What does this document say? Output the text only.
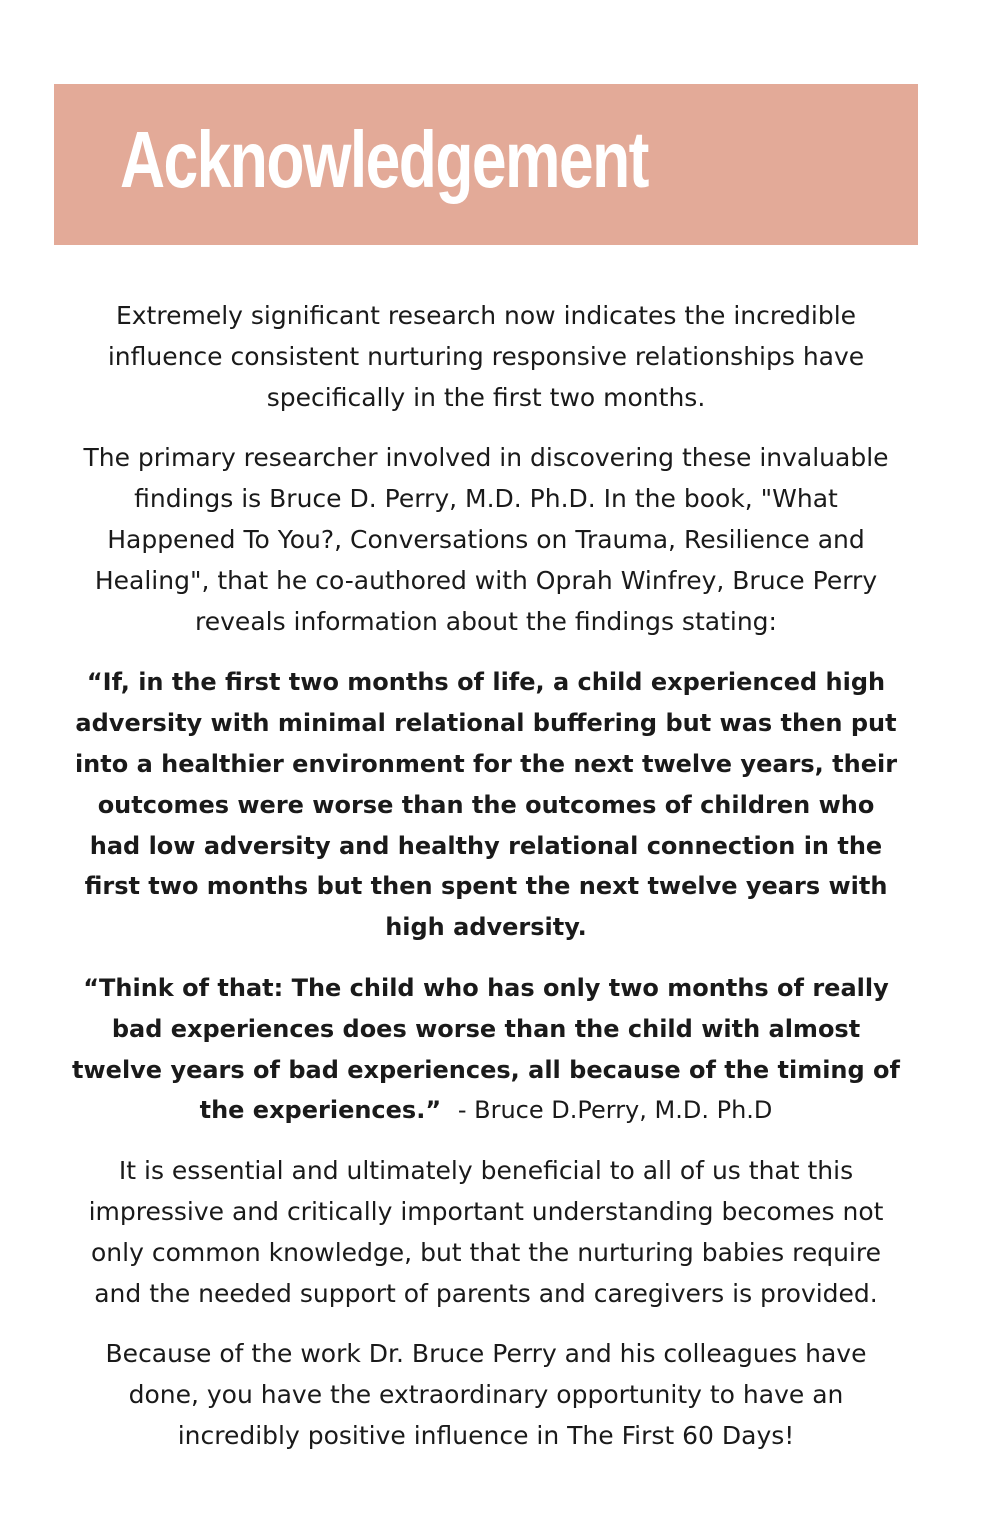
Acknowledgement

Extremely significant research now indicates the incredible influence consistent nurturing responsive relationships have specifically in the first two months.

The primary researcher involved in discovering these invaluable findings is Bruce D. Perry, M.D. Ph.D. In the book, "What Happened To You?, Conversations on Trauma, Resilience and Healing", that he co-authored with Oprah Winfrey, Bruce Perry reveals information about the findings stating:

“If, in the first two months of life, a child experienced high adversity with minimal relational buffering but was then put into a healthier environment for the next twelve years, their outcomes were worse than the outcomes of children who had low adversity and healthy relational connection in the first two months but then spent the next twelve years with high adversity.

“Think of that: The child who has only two months of really bad experiences does worse than the child with almost twelve years of bad experiences, all because of the timing of the experiences.” - Bruce D.Perry, M.D. Ph.D

It is essential and ultimately beneficial to all of us that this impressive and critically important understanding becomes not only common knowledge, but that the nurturing babies require and the needed support of parents and caregivers is provided.

Because of the work Dr. Bruce Perry and his colleagues have done, you have the extraordinary opportunity to have an incredibly positive influence in The First 60 Days!
